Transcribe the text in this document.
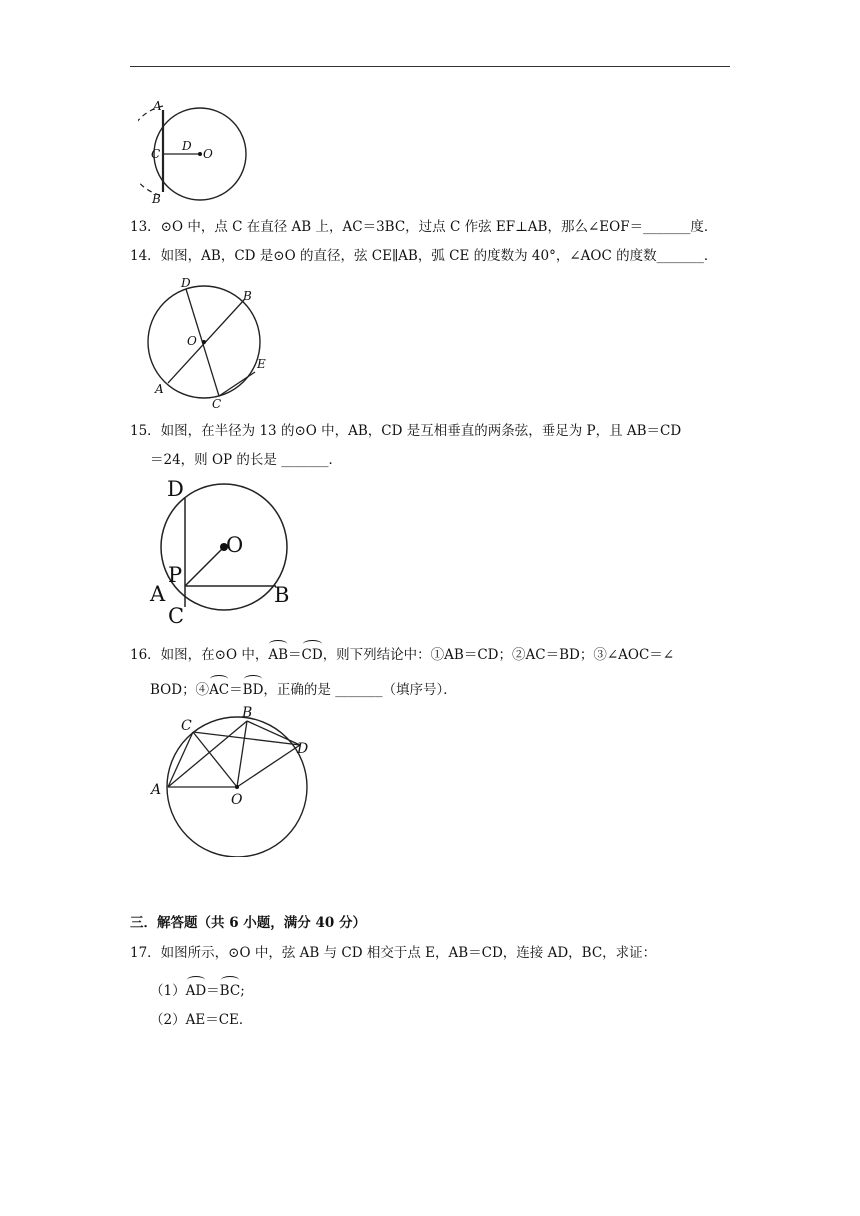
A
C
B
D
O
13．⊙O 中，点 C 在直径 AB 上，AC＝3BC，过点 C 作弦 EF⊥AB，那么∠EOF＝_______度．
14．如图，AB，CD 是⊙O 的直径，弦 CE∥AB，弧 CE 的度数为 40°，∠AOC 的度数_______．
D
B
O
E
A
C
15．如图，在半径为 13 的⊙O 中，AB，CD 是互相垂直的两条弦，垂足为 P，且 AB＝CD
＝24，则 OP 的长是 _______．
D
O
P
A	B
C
16．如图，在⊙O 中，AB＝CD，则下列结论中：①AB＝CD；②AC＝BD；③∠AOC＝∠
BOD；④AC＝BD，正确的是 _______（填序号）．
C
B
D
A
O
三．解答题（共 6 小题，满分 40 分）
17．如图所示，⊙O 中，弦 AB 与 CD 相交于点 E，AB＝CD，连接 AD，BC，求证：
（1）AD＝BC;
（2）AE＝CE．
